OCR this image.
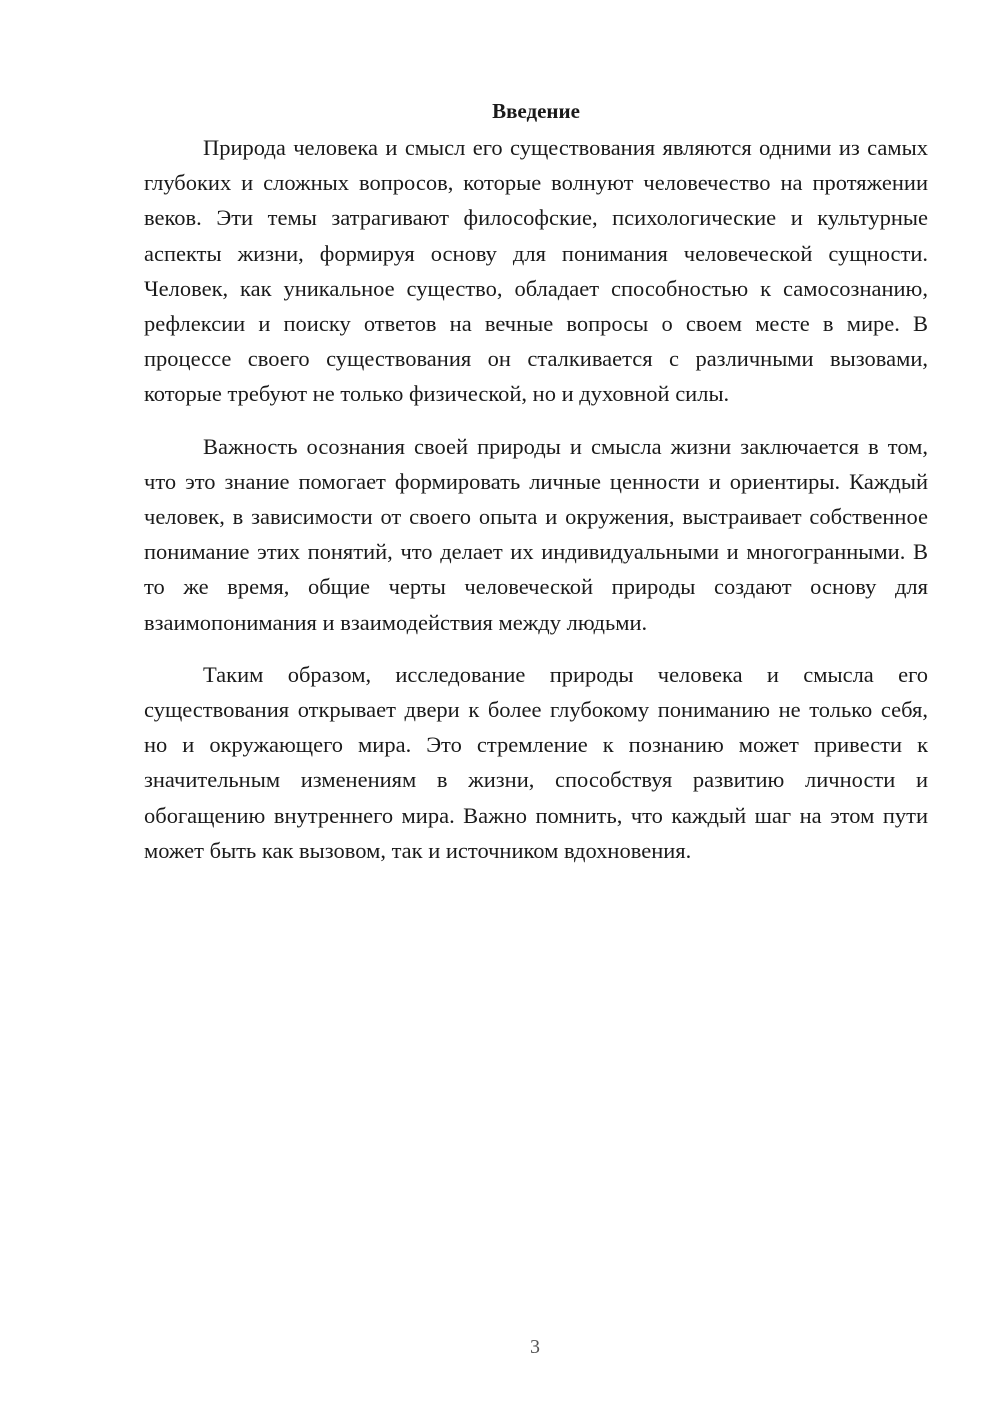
Введение

Природа человека и смысл его существования являются одними из самых глубоких и сложных вопросов, которые волнуют человечество на протяжении веков. Эти темы затрагивают философские, психологические и культурные аспекты жизни, формируя основу для понимания человеческой сущности. Человек, как уникальное существо, обладает способностью к самосознанию, рефлексии и поиску ответов на вечные вопросы о своем месте в мире. В процессе своего существования он сталкивается с различными вызовами, которые требуют не только физической, но и духовной силы.

Важность осознания своей природы и смысла жизни заключается в том, что это знание помогает формировать личные ценности и ориентиры. Каждый человек, в зависимости от своего опыта и окружения, выстраивает собственное понимание этих понятий, что делает их индивидуальными и многогранными. В то же время, общие черты человеческой природы создают основу для взаимопонимания и взаимодействия между людьми.

Таким образом, исследование природы человека и смысла его существования открывает двери к более глубокому пониманию не только себя, но и окружающего мира. Это стремление к познанию может привести к значительным изменениям в жизни, способствуя развитию личности и обогащению внутреннего мира. Важно помнить, что каждый шаг на этом пути может быть как вызовом, так и источником вдохновения.

3
